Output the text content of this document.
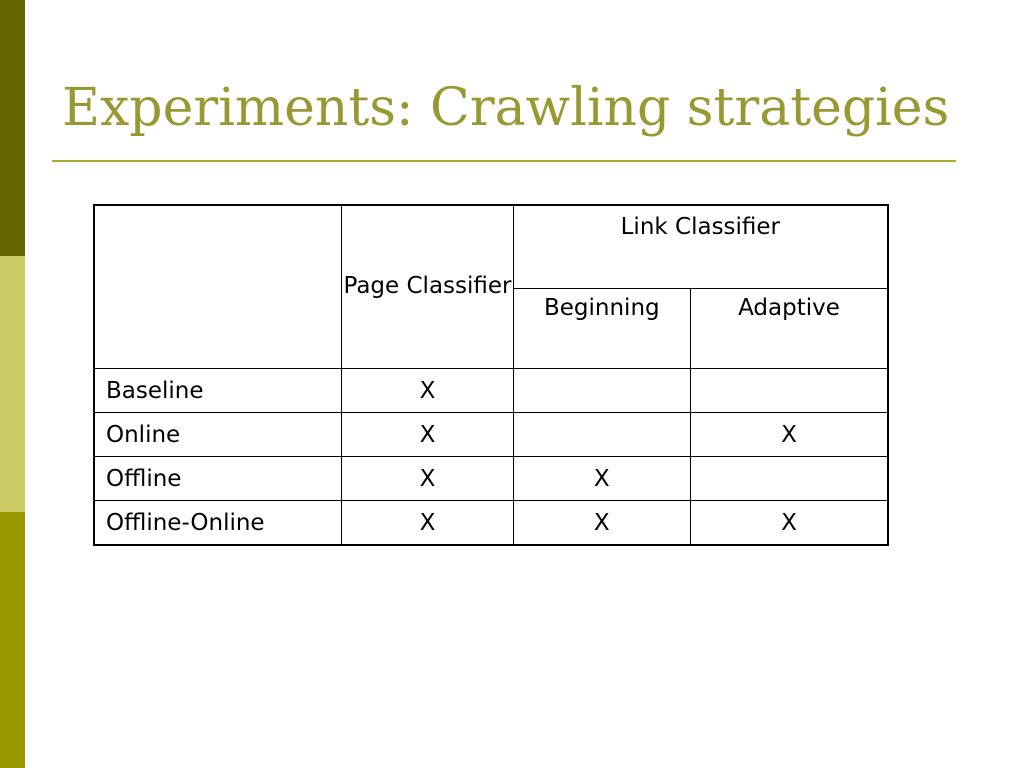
Experiments: Crawling strategies
	Page Classifier	Link Classifier	
		Beginning	Adaptive
Baseline	X		
Online	X		X
Offline	X	X	
Offline-Online	X	X	X
